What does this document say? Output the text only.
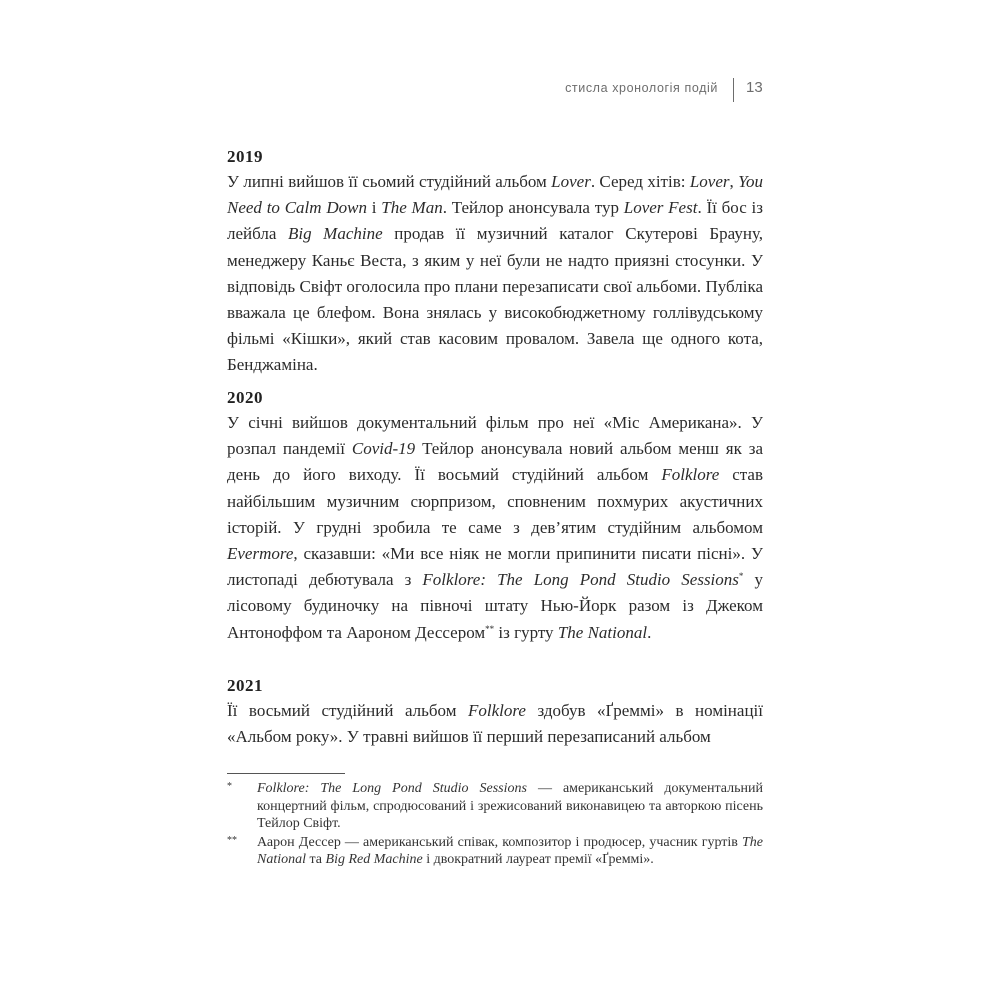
стисла хронологія подій 13
2019

У липні вийшов її сьомий студійний альбом Lover. Серед хітів: Lover, You Need to Calm Down і The Man. Тейлор анонсувала тур Lover Fest. Її бос із лейбла Big Machine продав її музичний каталог Скутерові Брауну, менеджеру Каньє Веста, з яким у неї були не надто приязні стосунки. У відповідь Свіфт оголосила про плани перезаписати свої альбоми. Публіка вважала це блефом. Вона знялась у високобюджетному голлівудському фільмі «Кішки», який став касовим провалом. Завела ще одного кота, Бенджаміна.

2020

У січні вийшов документальний фільм про неї «Міс Американа». У розпал пандемії Covid-19 Тейлор анонсувала новий альбом менш як за день до його виходу. Її восьмий студійний альбом Folklore став найбільшим музичним сюрпризом, сповненим похмурих акустичних історій. У грудні зробила те саме з дев’ятим студійним альбомом Evermore, сказавши: «Ми все ніяк не могли припинити писати пісні». У листопаді дебютувала з Folklore: The Long Pond Studio Sessions* у лісовому будиночку на півночі штату Нью-Йорк разом із Джеком Антоноффом та Аароном Дессером** із гурту The National.

2021

Її восьмий студійний альбом Folklore здобув «Ґреммі» в номінації «Альбом року». У травні вийшов її перший перезаписаний альбом

* Folklore: The Long Pond Studio Sessions — американський документальний концертний фільм, спродюсований і зрежисований виконавицею та авторкою пісень Тейлор Свіфт.

** Аарон Дессер — американський співак, композитор і продюсер, учасник гуртів The National та Big Red Machine і двократний лауреат премії «Ґреммі».
